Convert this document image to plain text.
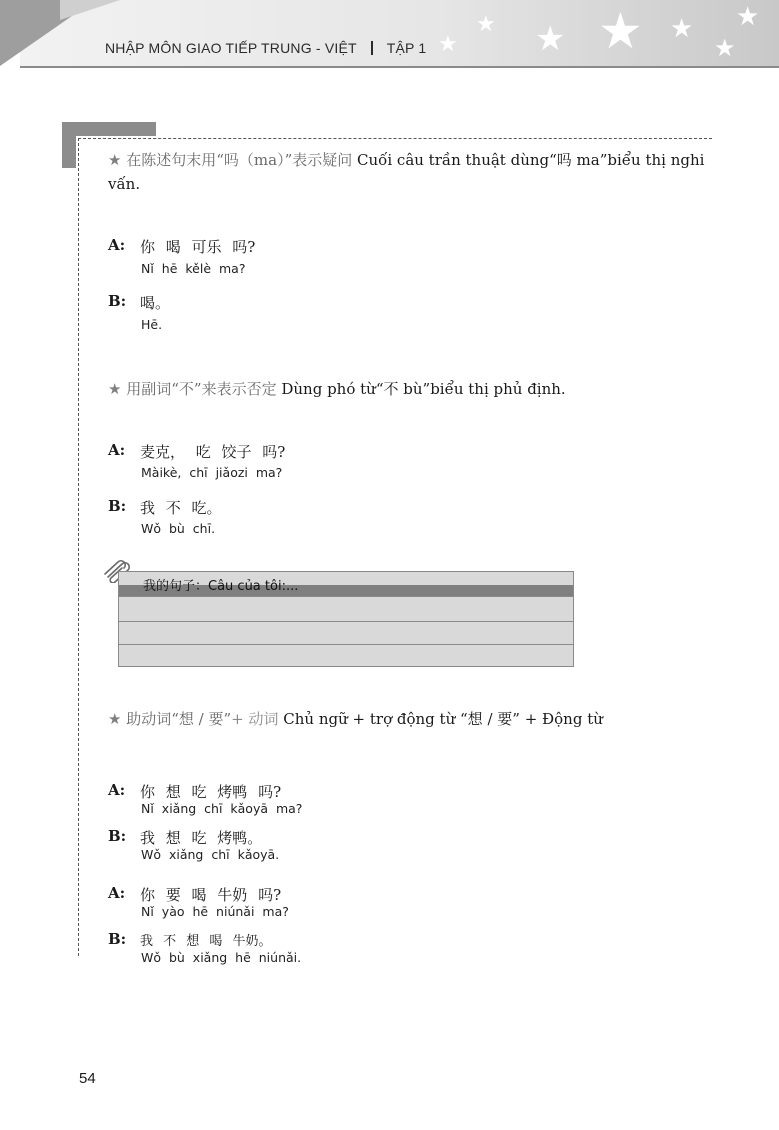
NHẬP MÔN GIAO TIẾP TRUNG - VIỆT TẬP 1 ★
★ ★ ★ ★
★
★
★ 在陈述句末用“吗（ma）”表示疑问 Cuối câu trần thuật dùng“吗 ma”biểu thị nghi vấn.
A: 你 喝 可乐 吗?
Nǐ hē kělè ma?
B: 喝。
Hē.
★ 用副词“不”来表示否定 Dùng phó từ“不 bù”biểu thị phủ định.
A: 麦克， 吃 饺子 吗?
Màikè, chī jiǎozi ma?
B: 我 不 吃。
Wǒ bù chī.
我的句子：Câu của tôi:...
★ 助动词“想 / 要”+ 动词 Chủ ngữ + trợ động từ “想 / 要” + Động từ
A: 你 想 吃 烤鸭 吗?
Nǐ xiǎng chī kǎoyā ma?
B: 我 想 吃 烤鸭。
Wǒ xiǎng chī kǎoyā.
A: 你 要 喝 牛奶 吗?
Nǐ yào hē niúnǎi ma?
B: 我 不 想 喝 牛奶。
Wǒ bù xiǎng hē niúnǎi.
54
